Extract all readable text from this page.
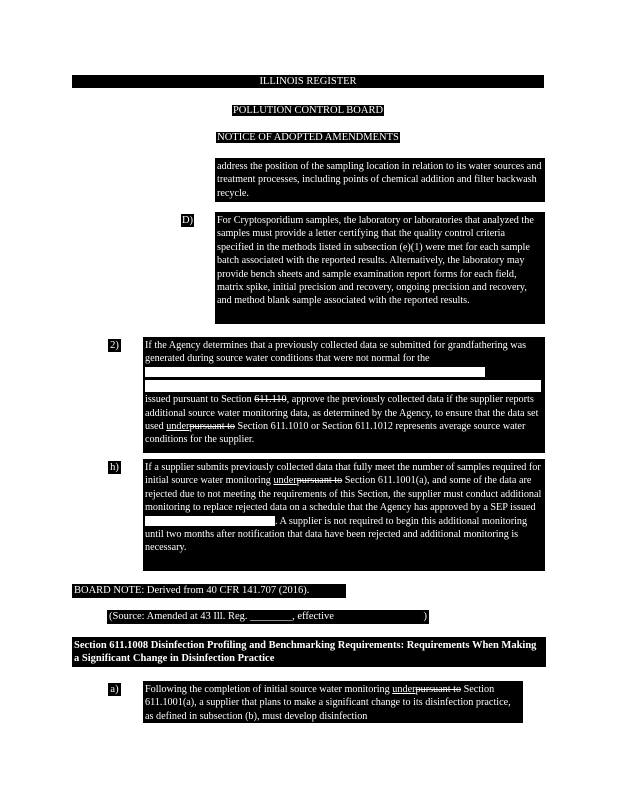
ILLINOIS REGISTER
POLLUTION CONTROL BOARD
NOTICE OF ADOPTED AMENDMENTS
address the position of the sampling location in relation to its water sources and treatment processes, including points of chemical addition and filter backwash recycle.
D) For Cryptosporidium samples, the laboratory or laboratories that analyzed the samples must provide a letter certifying that the quality control criteria specified in the methods listed in subsection (e)(1) were met for each sample batch associated with the reported results. Alternatively, the laboratory may provide bench sheets and sample examination report forms for each field, matrix spike, initial precision and recovery, ongoing precision and recovery, and method blank sample associated with the reported results.
2)	If the Agency determines that a previously collected data se submitted for grandfathering was generated during source water conditions that were not normal for the
issued pursuant to Section 611.110, approve the previously collected data if the supplier reports additional source water monitoring data, as determined by the Agency, to ensure that the data set used underpursuant to Section 611.1010 or Section 611.1012 represents average source water conditions for the supplier.
h)	If a supplier submits previously collected data that fully meet the number of samples required for initial source water monitoring underpursuant to Section 611.1001(a), and some of the data are rejected due to not meeting the requirements of this Section, the supplier must conduct additional monitoring to replace rejected data on a schedule that the Agency has approved by a SEP issued . A supplier is not required to begin this additional monitoring until two months after notification that data have been rejected and additional monitoring is necessary.
BOARD NOTE: Derived from 40 CFR 141.707 (2016).
(Source: Amended at 43 Ill. Reg. ________, effective	)
Section 611.1008 Disinfection Profiling and Benchmarking Requirements: Requirements When Making a Significant Change in Disinfection Practice
a)	Following the completion of initial source water monitoring underpursuant to Section 611.1001(a), a supplier that plans to make a significant change to its disinfection practice, as defined in subsection (b), must develop disinfection
